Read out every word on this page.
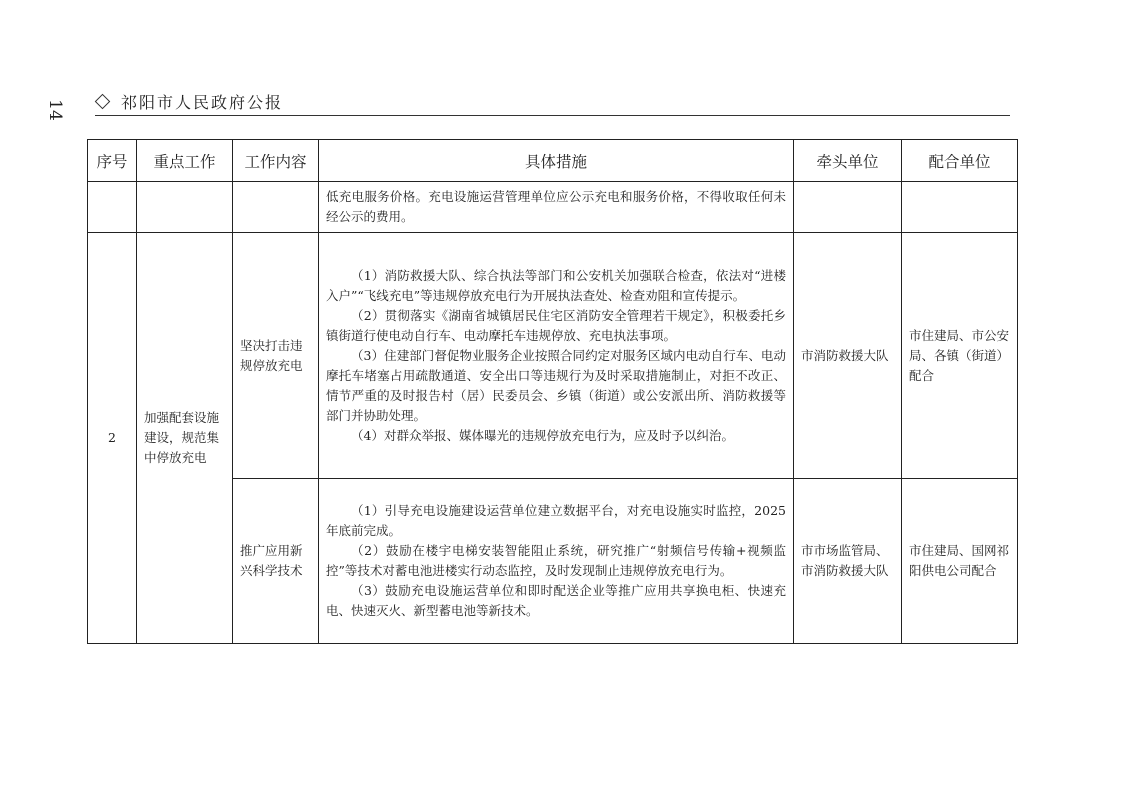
14	祁阳市人民政府公报
序号	重点工作	工作内容	具体措施	牵头单位	配合单位

			低充电服务价格。充电设施运营管理单位应公示充电和服务价格，不得收取任何未经公示的费用。		

2	加强配套设施建设，规范集中停放充电	坚决打击违规停放充电	（1）消防救援大队、综合执法等部门和公安机关加强联合检查，依法对“进楼入户”“飞线充电”等违规停放充电行为开展执法查处、检查劝阻和宣传提示。

（2）贯彻落实《湖南省城镇居民住宅区消防安全管理若干规定》，积极委托乡镇街道行使电动自行车、电动摩托车违规停放、充电执法事项。

（3）住建部门督促物业服务企业按照合同约定对服务区域内电动自行车、电动摩托车堵塞占用疏散通道、安全出口等违规行为及时采取措施制止，对拒不改正、情节严重的及时报告村（居）民委员会、乡镇（街道）或公安派出所、消防救援等部门并协助处理。

（4）对群众举报、媒体曝光的违规停放充电行为，应及时予以纠治。	市消防救援大队	市住建局、市公安局、各镇（街道）配合
		推广应用新兴科学技术	（1）引导充电设施建设运营单位建立数据平台，对充电设施实时监控，2025年底前完成。

（2）鼓励在楼宇电梯安装智能阻止系统，研究推广“射频信号传输+视频监控”等技术对蓄电池进楼实行动态监控，及时发现制止违规停放充电行为。

（3）鼓励充电设施运营单位和即时配送企业等推广应用共享换电柜、快速充电、快速灭火、新型蓄电池等新技术。	市市场监管局、市消防救援大队	市住建局、国网祁阳供电公司配合
